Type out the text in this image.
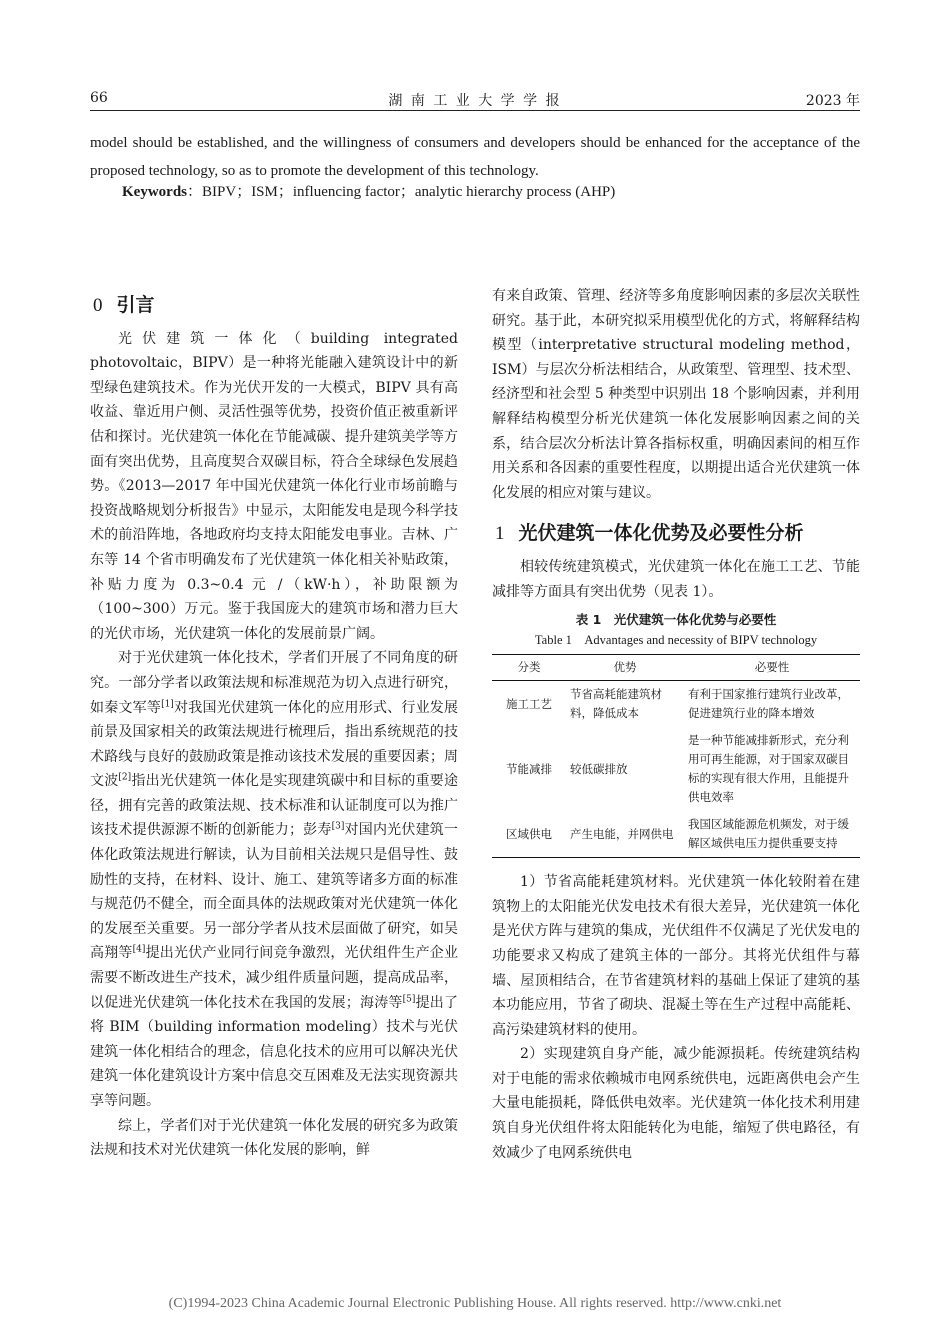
66	湖 南 工 业 大 学 学 报	2023 年
model should be established, and the willingness of consumers and developers should be enhanced for the acceptance of the proposed technology, so as to promote the development of this technology.
Keywords：BIPV；ISM；influencing factor；analytic hierarchy process (AHP)
0 引言

光伏建筑一体化（building integrated photovoltaic，BIPV）是一种将光能融入建筑设计中的新型绿色建筑技术。作为光伏开发的一大模式，BIPV 具有高收益、靠近用户侧、灵活性强等优势，投资价值正被重新评估和探讨。光伏建筑一体化在节能减碳、提升建筑美学等方面有突出优势，且高度契合双碳目标，符合全球绿色发展趋势。《2013—2017 年中国光伏建筑一体化行业市场前瞻与投资战略规划分析报告》中显示，太阳能发电是现今科学技术的前沿阵地，各地政府均支持太阳能发电事业。吉林、广东等 14 个省市明确发布了光伏建筑一体化相关补贴政策，补贴力度为 0.3~0.4 元 /（kW·h），补助限额为（100~300）万元。鉴于我国庞大的建筑市场和潜力巨大的光伏市场，光伏建筑一体化的发展前景广阔。

对于光伏建筑一体化技术，学者们开展了不同角度的研究。一部分学者以政策法规和标准规范为切入点进行研究，如秦文军等[1]对我国光伏建筑一体化的应用形式、行业发展前景及国家相关的政策法规进行梳理后，指出系统规范的技术路线与良好的鼓励政策是推动该技术发展的重要因素；周文波[2]指出光伏建筑一体化是实现建筑碳中和目标的重要途径，拥有完善的政策法规、技术标准和认证制度可以为推广该技术提供源源不断的创新能力；彭寿[3]对国内光伏建筑一体化政策法规进行解读，认为目前相关法规只是倡导性、鼓励性的支持，在材料、设计、施工、建筑等诸多方面的标准与规范仍不健全，而全面具体的法规政策对光伏建筑一体化的发展至关重要。另一部分学者从技术层面做了研究，如吴高翔等[4]提出光伏产业同行间竞争激烈，光伏组件生产企业需要不断改进生产技术，减少组件质量问题，提高成品率，以促进光伏建筑一体化技术在我国的发展；海涛等[5]提出了将 BIM（building information modeling）技术与光伏建筑一体化相结合的理念，信息化技术的应用可以解决光伏建筑一体化建筑设计方案中信息交互困难及无法实现资源共享等问题。

综上，学者们对于光伏建筑一体化发展的研究多为政策法规和技术对光伏建筑一体化发展的影响，鲜

有来自政策、管理、经济等多角度影响因素的多层次关联性研究。基于此，本研究拟采用模型优化的方式，将解释结构模型（interpretative structural modeling method，ISM）与层次分析法相结合，从政策型、管理型、技术型、经济型和社会型 5 种类型中识别出 18 个影响因素，并利用解释结构模型分析光伏建筑一体化发展影响因素之间的关系，结合层次分析法计算各指标权重，明确因素间的相互作用关系和各因素的重要性程度，以期提出适合光伏建筑一体化发展的相应对策与建议。

1 光伏建筑一体化优势及必要性分析

相较传统建筑模式，光伏建筑一体化在施工工艺、节能减排等方面具有突出优势（见表 1）。

表 1　光伏建筑一体化优势与必要性
Table 1　Advantages and necessity of BIPV technology
分类	优势	必要性
施工工艺	节省高耗能建筑材料，降低成本	有利于国家推行建筑行业改革，促进建筑行业的降本增效
节能减排	较低碳排放	是一种节能减排新形式，充分利用可再生能源，对于国家双碳目标的实现有很大作用，且能提升供电效率
区域供电	产生电能，并网供电	我国区域能源危机频发，对于缓解区域供电压力提供重要支持

1）节省高能耗建筑材料。光伏建筑一体化较附着在建筑物上的太阳能光伏发电技术有很大差异，光伏建筑一体化是光伏方阵与建筑的集成，光伏组件不仅满足了光伏发电的功能要求又构成了建筑主体的一部分。其将光伏组件与幕墙、屋顶相结合，在节省建筑材料的基础上保证了建筑的基本功能应用，节省了砌块、混凝土等在生产过程中高能耗、高污染建筑材料的使用。

2）实现建筑自身产能，减少能源损耗。传统建筑结构对于电能的需求依赖城市电网系统供电，远距离供电会产生大量电能损耗，降低供电效率。光伏建筑一体化技术利用建筑自身光伏组件将太阳能转化为电能，缩短了供电路径，有效减少了电网系统供电

(C)1994-2023 China Academic Journal Electronic Publishing House. All rights reserved. http://www.cnki.net
